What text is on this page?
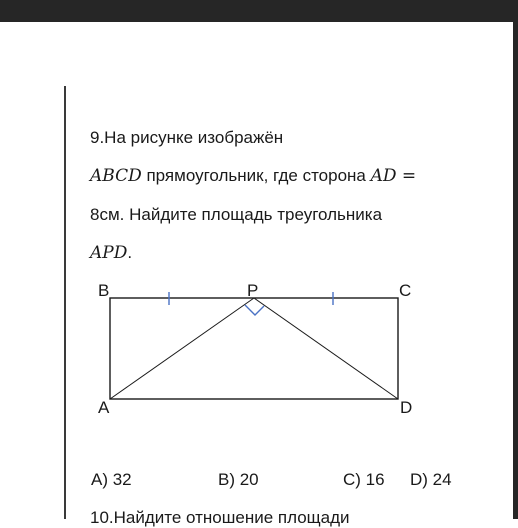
9.На рисунке изображён
ABCD прямоугольник, где сторона AD =
8см. Найдите площадь треугольника
APD.
B	P	C
A	D
A) 32	B) 20	C) 16 D) 24
10.Найдите отношение площади
